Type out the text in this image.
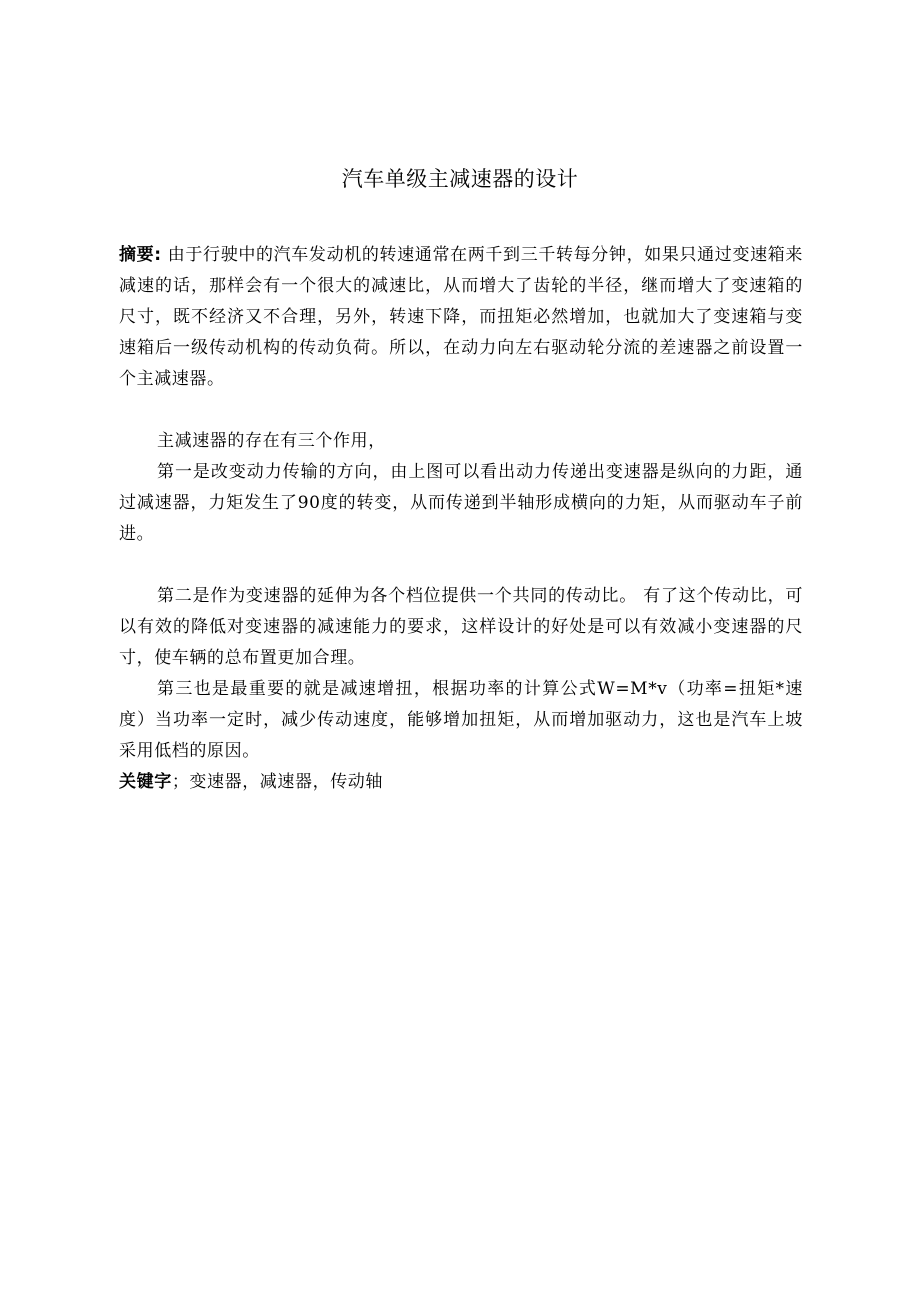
汽车单级主减速器的设计

摘要: 由于行驶中的汽车发动机的转速通常在两千到三千转每分钟，如果只通过变速箱来减速的话，那样会有一个很大的减速比，从而增大了齿轮的半径，继而增大了变速箱的尺寸，既不经济又不合理，另外，转速下降，而扭矩必然增加，也就加大了变速箱与变速箱后一级传动机构的传动负荷。所以，在动力向左右驱动轮分流的差速器之前设置一个主减速器。

主减速器的存在有三个作用，

第一是改变动力传输的方向，由上图可以看出动力传递出变速器是纵向的力距，通过减速器，力矩发生了90度的转变，从而传递到半轴形成横向的力矩，从而驱动车子前进。

第二是作为变速器的延伸为各个档位提供一个共同的传动比。 有了这个传动比，可以有效的降低对变速器的减速能力的要求，这样设计的好处是可以有效减小变速器的尺寸，使车辆的总布置更加合理。

第三也是最重要的就是减速增扭，根据功率的计算公式W=M*v（功率=扭矩*速度）当功率一定时，减少传动速度，能够增加扭矩，从而增加驱动力，这也是汽车上坡采用低档的原因。

关键字；变速器，减速器，传动轴
